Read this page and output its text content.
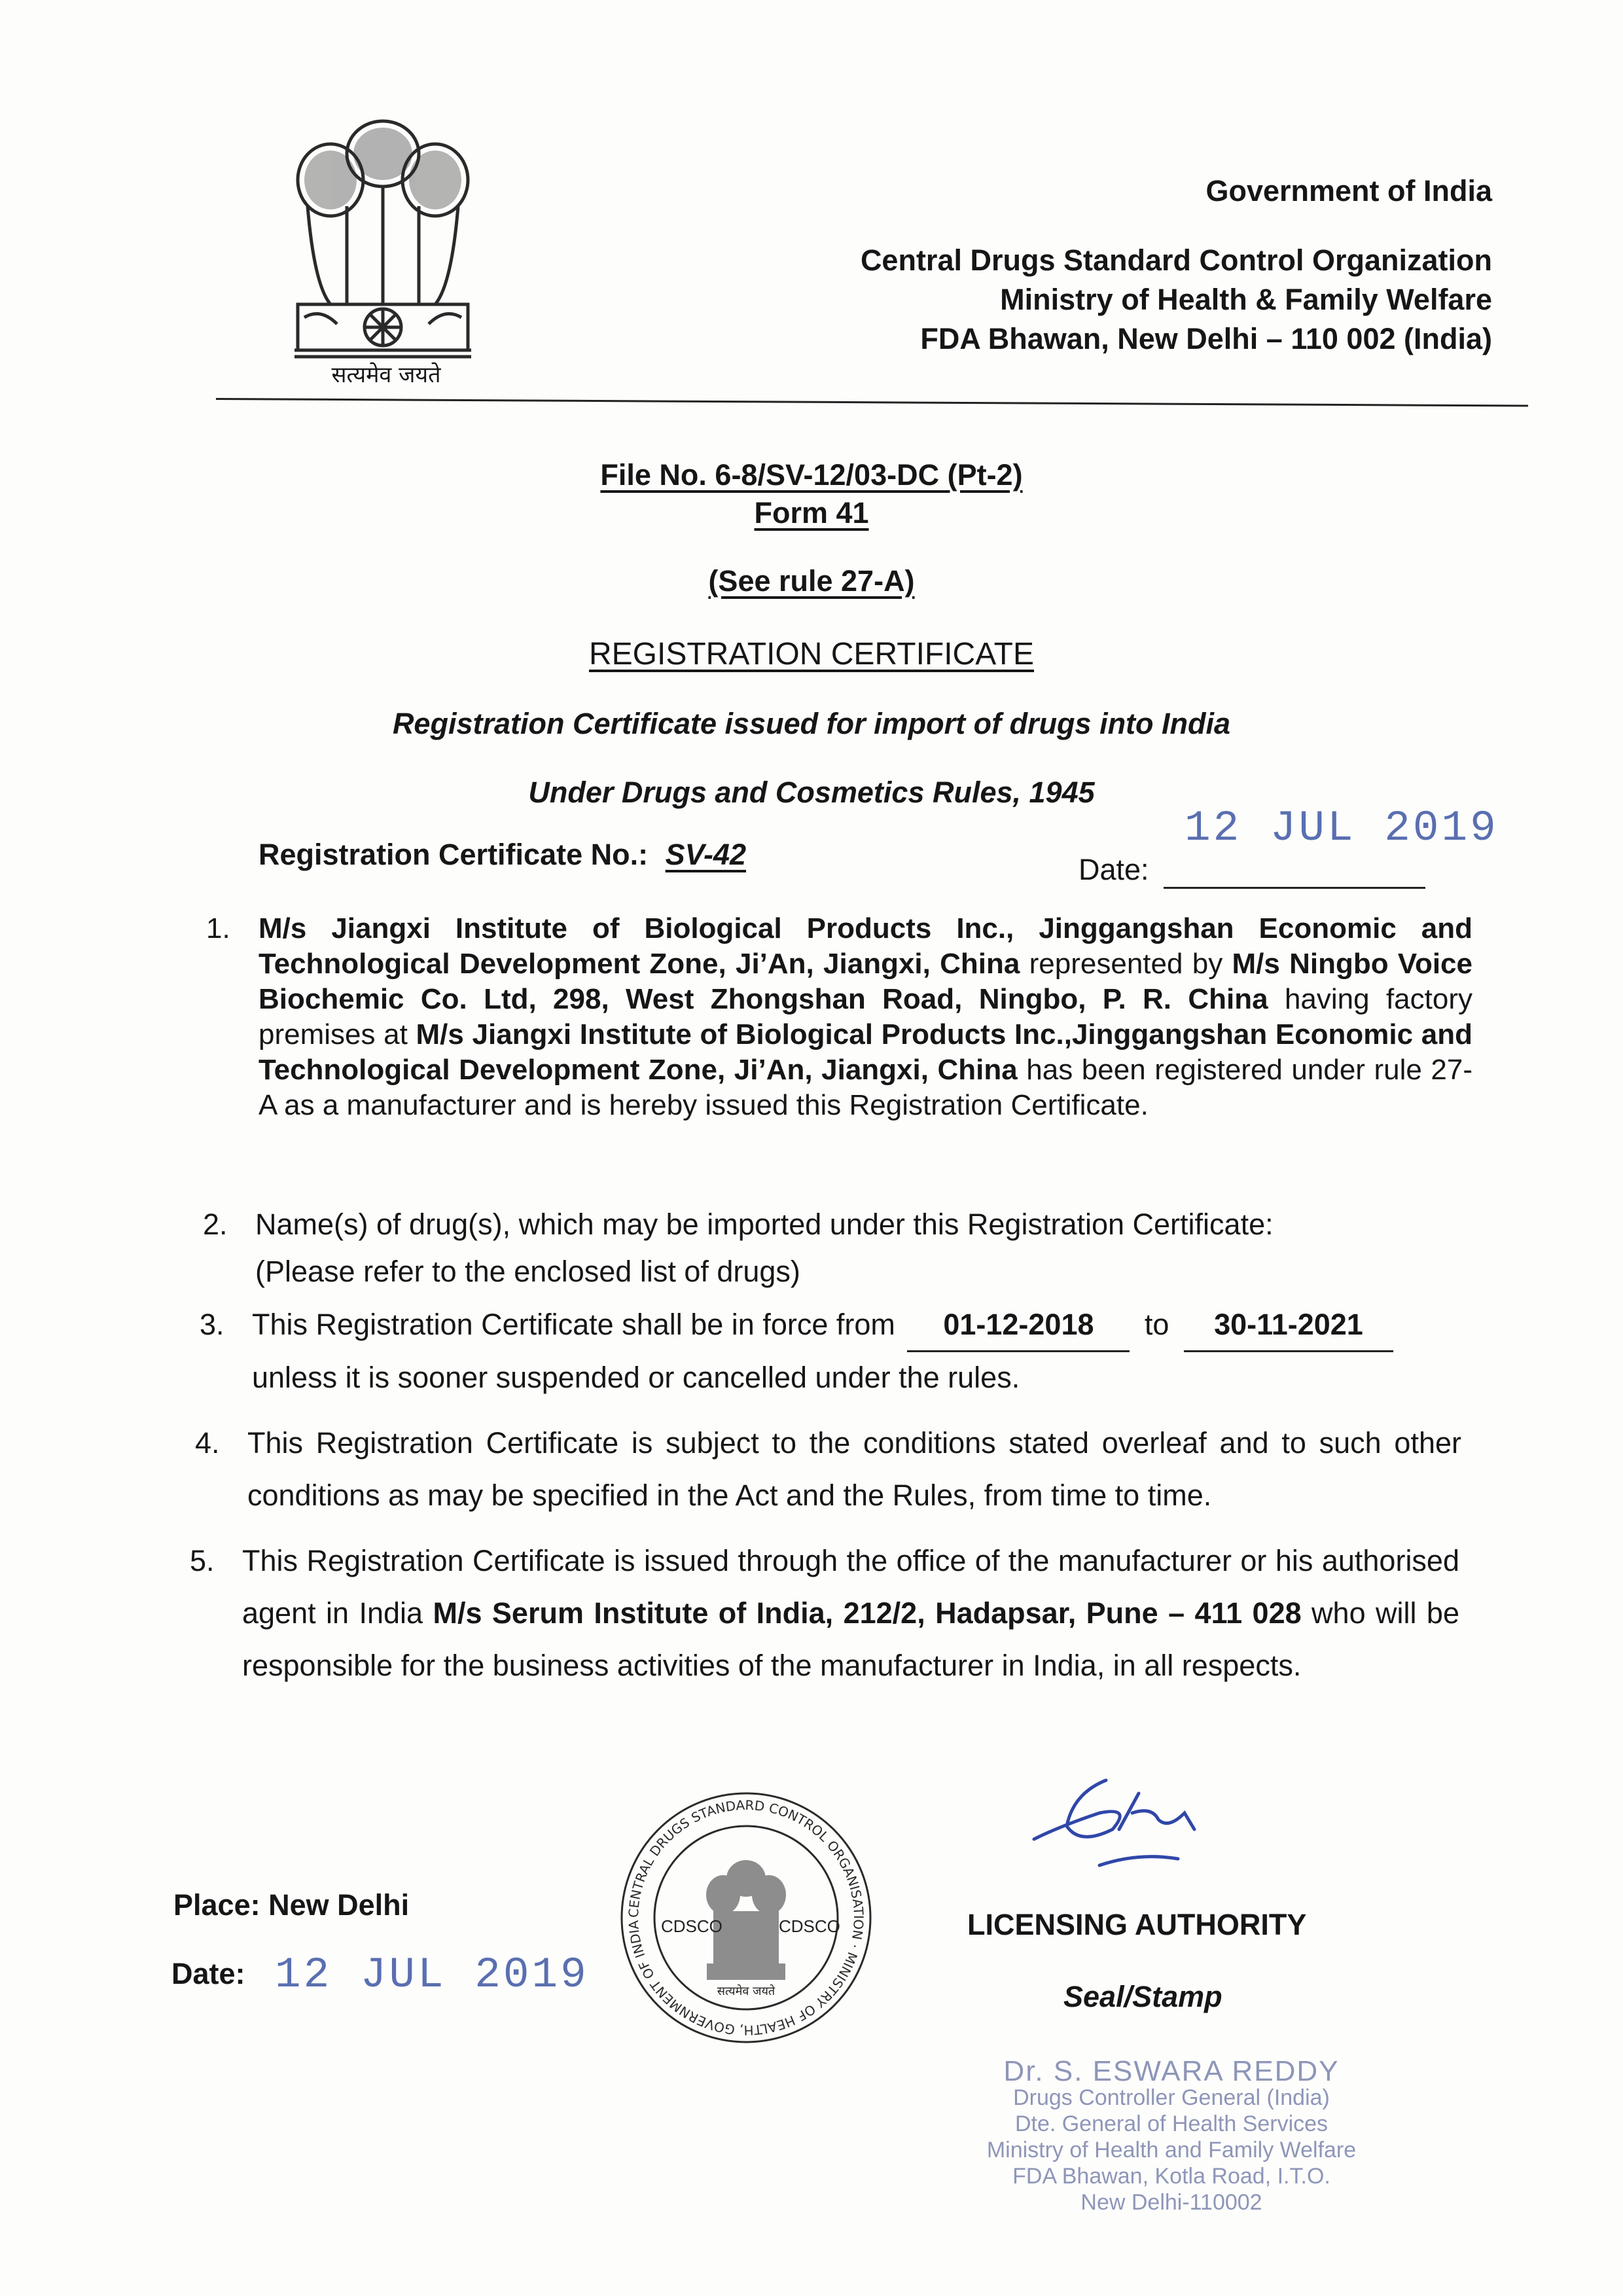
सत्यमेव जयते
Government of India
Central Drugs Standard Control Organization
Ministry of Health & Family Welfare
FDA Bhawan, New Delhi – 110 002 (India)
File No. 6-8/SV-12/03-DC (Pt-2)
Form 41
(See rule 27-A)
REGISTRATION CERTIFICATE
Registration Certificate issued for import of drugs into India
Under Drugs and Cosmetics Rules, 1945
Registration Certificate No.: SV-42	Date:
12 JUL 2019
1. M/s Jiangxi Institute of Biological Products Inc., Jinggangshan Economic and Technological Development Zone, Ji’An, Jiangxi, China represented by M/s Ningbo Voice Biochemic Co. Ltd, 298, West Zhongshan Road, Ningbo, P. R. China having factory premises at M/s Jiangxi Institute of Biological Products Inc.,Jinggangshan Economic and Technological Development Zone, Ji’An, Jiangxi, China has been registered under rule 27-A as a manufacturer and is hereby issued this Registration Certificate.
2. Name(s) of drug(s), which may be imported under this Registration Certificate:
(Please refer to the enclosed list of drugs)
3. This Registration Certificate shall be in force from 01-12-2018 to 30-11-2021
unless it is sooner suspended or cancelled under the rules.
4. This Registration Certificate is subject to the conditions stated overleaf and to such other conditions as may be specified in the Act and the Rules, from time to time.
5. This Registration Certificate is issued through the office of the manufacturer or his authorised agent in India M/s Serum Institute of India, 212/2, Hadapsar, Pune – 411 028 who will be responsible for the business activities of the manufacturer in India, in all respects.
Place: New Delhi
Date: 12 JUL 2019
CENTRAL DRUGS STANDARD CONTROL ORGANISATION · MINISTRY OF HEALTH, GOVERNMENT OF INDIA	CDSCO	CDSCO
सत्यमेव जयते
LICENSING AUTHORITY
Seal/Stamp
Dr. S. ESWARA REDDY
Drugs Controller General (India)
Dte. General of Health Services
Ministry of Health and Family Welfare
FDA Bhawan, Kotla Road, I.T.O.
New Delhi-110002
